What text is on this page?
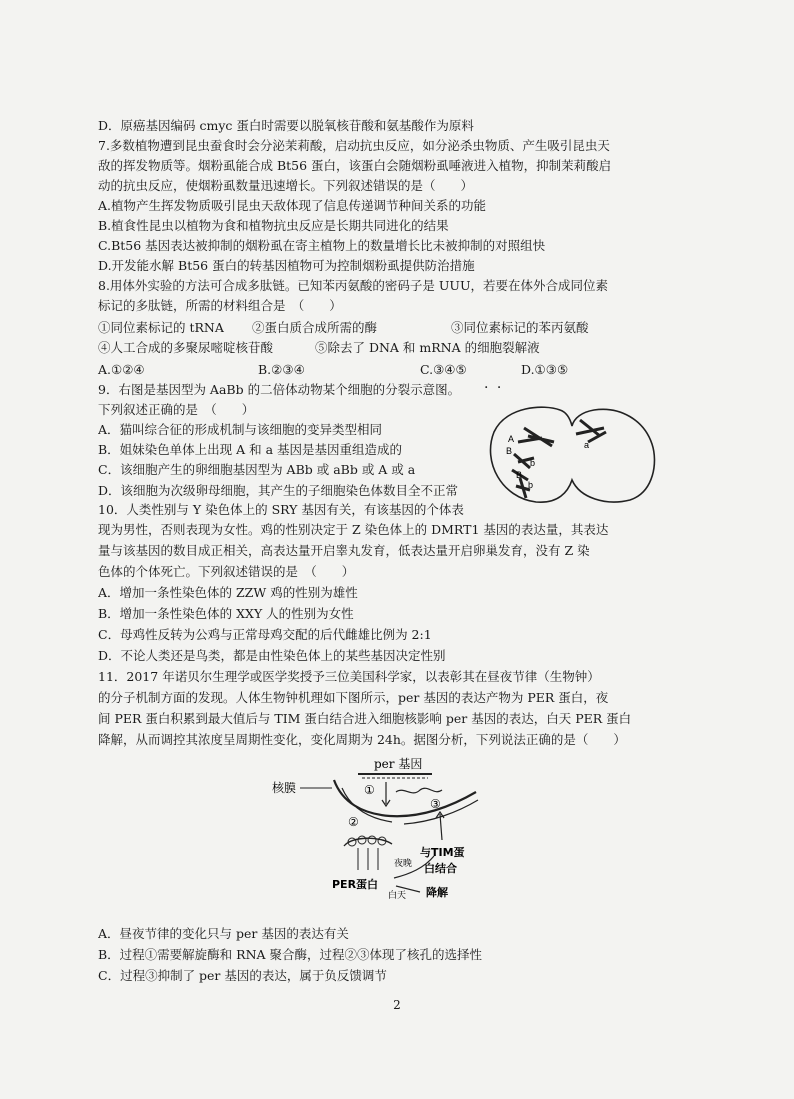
D．原癌基因编码 cmyc 蛋白时需要以脱氧核苷酸和氨基酸作为原料
7.多数植物遭到昆虫蚕食时会分泌茉莉酸，启动抗虫反应，如分泌杀虫物质、产生吸引昆虫天
敌的挥发物质等。烟粉虱能合成 Bt56 蛋白，该蛋白会随烟粉虱唾液进入植物，抑制茉莉酸启
动的抗虫反应，使烟粉虱数量迅速增长。下列叙述错误的是（　　）
A.植物产生挥发物质吸引昆虫天敌体现了信息传递调节种间关系的功能
B.植食性昆虫以植物为食和植物抗虫反应是长期共同进化的结果
C.Bt56 基因表达被抑制的烟粉虱在寄主植物上的数量增长比未被抑制的对照组快
D.开发能水解 Bt56 蛋白的转基因植物可为控制烟粉虱提供防治措施
8.用体外实验的方法可合成多肽链。已知苯丙氨酸的密码子是 UUU，若要在体外合成同位素
标记的多肽链，所需的材料组合是　（　　）
①同位素标记的 tRNA ②蛋白质合成所需的酶	③同位素标记的苯丙氨酸
④人工合成的多聚尿嘧啶核苷酸	⑤除去了 DNA 和 mRNA 的细胞裂解液
A.①②④	B.②③④	C.③④⑤	D.①③⑤
9．右图是基因型为 AaBb 的二倍体动物某个细胞的分裂示意图。
下列叙述正确的是　（　　）
A．猫叫综合征的形成机制与该细胞的变异类型相同
B．姐妹染色单体上出现 A 和 a 基因是基因重组造成的
C．该细胞产生的卵细胞基因型为 ABb 或 aBb 或 A 或 a
D．该细胞为次级卵母细胞，其产生的子细胞染色体数目全不正常
· ·
A
B
a
b
B
b
10．人类性别与 Y 染色体上的 SRY 基因有关，有该基因的个体表
现为男性，否则表现为女性。鸡的性别决定于 Z 染色体上的 DMRT1 基因的表达量，其表达
量与该基因的数目成正相关，高表达量开启睾丸发育，低表达量开启卵巢发育，没有 Z 染
色体的个体死亡。下列叙述错误的是　（　　）
A．增加一条性染色体的 ZZW 鸡的性别为雄性
B．增加一条性染色体的 XXY 人的性别为女性
C．母鸡性反转为公鸡与正常母鸡交配的后代雌雄比例为 2:1
D．不论人类还是鸟类，都是由性染色体上的某些基因决定性别
11．2017 年诺贝尔生理学或医学奖授予三位美国科学家，以表彰其在昼夜节律（生物钟）
的分子机制方面的发现。人体生物钟机理如下图所示，per 基因的表达产物为 PER 蛋白，夜
间 PER 蛋白积累到最大值后与 TIM 蛋白结合进入细胞核影响 per 基因的表达，白天 PER 蛋白
降解，从而调控其浓度呈周期性变化，变化周期为 24h。据图分析，下列说法正确的是（　　）
per 基因
核膜	①
③
②
PER蛋白
夜晚
与TIM蛋
白结合
白天 降解
A．昼夜节律的变化只与 per 基因的表达有关
B．过程①需要解旋酶和 RNA 聚合酶，过程②③体现了核孔的选择性
C．过程③抑制了 per 基因的表达，属于负反馈调节
2
